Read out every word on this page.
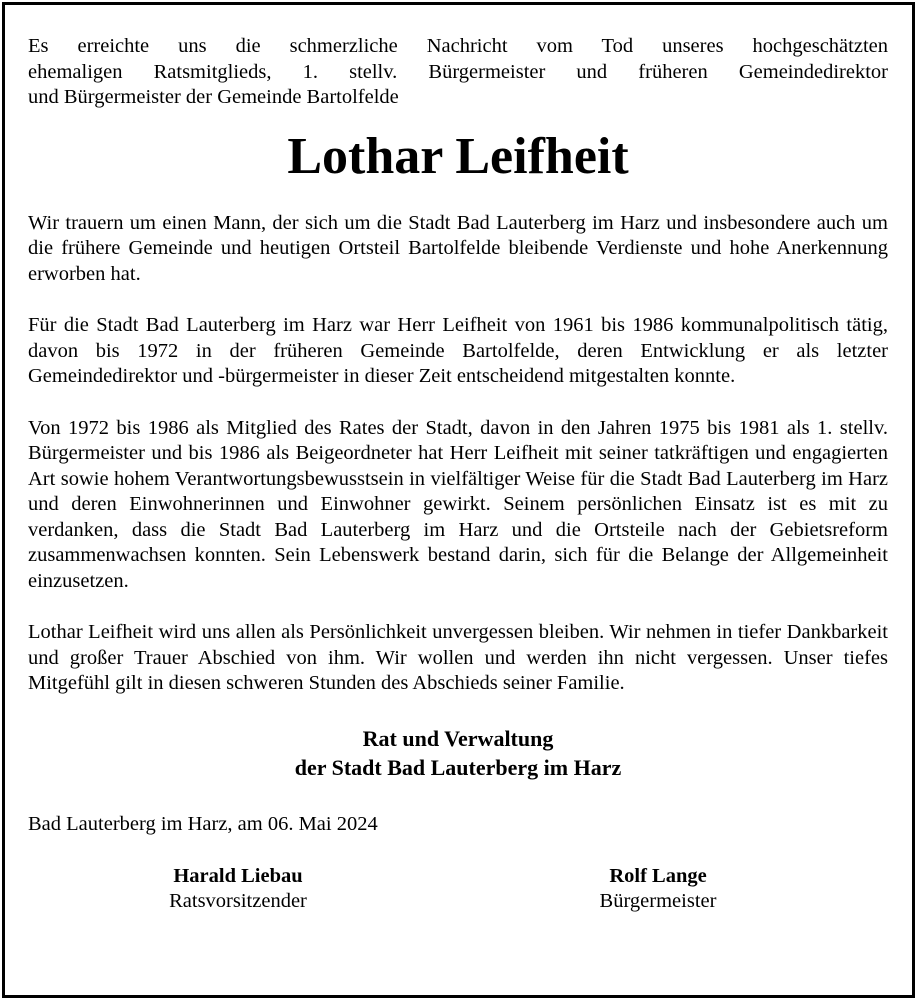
Es erreichte uns die schmerzliche Nachricht vom Tod unseres hochgeschätzten
ehemaligen Ratsmitglieds, 1. stellv. Bürgermeister und früheren Gemeindedirektor
und Bürgermeister der Gemeinde Bartolfelde

Lothar Leifheit

Wir trauern um einen Mann, der sich um die Stadt Bad Lauterberg im Harz und insbesondere auch um die frühere Gemeinde und heutigen Ortsteil Bartolfelde bleibende Verdienste und hohe Anerkennung erworben hat.

Für die Stadt Bad Lauterberg im Harz war Herr Leifheit von 1961 bis 1986 kommunalpolitisch tätig, davon bis 1972 in der früheren Gemeinde Bartolfelde, deren Entwicklung er als letzter Gemeindedirektor und -bürgermeister in dieser Zeit entscheidend mitgestalten konnte.

Von 1972 bis 1986 als Mitglied des Rates der Stadt, davon in den Jahren 1975 bis 1981 als 1. stellv. Bürgermeister und bis 1986 als Beigeordneter hat Herr Leifheit mit seiner tatkräftigen und engagierten Art sowie hohem Verantwortungsbewusstsein in vielfältiger Weise für die Stadt Bad Lauterberg im Harz und deren Einwohnerinnen und Einwohner gewirkt. Seinem persönlichen Einsatz ist es mit zu verdanken, dass die Stadt Bad Lauterberg im Harz und die Ortsteile nach der Gebietsreform zusammenwachsen konnten. Sein Lebenswerk bestand darin, sich für die Belange der Allgemeinheit einzusetzen.

Lothar Leifheit wird uns allen als Persönlichkeit unvergessen bleiben. Wir nehmen in tiefer Dankbarkeit und großer Trauer Abschied von ihm. Wir wollen und werden ihn nicht vergessen. Unser tiefes Mitgefühl gilt in diesen schweren Stunden des Abschieds seiner Familie.

Rat und Verwaltung
der Stadt Bad Lauterberg im Harz

Bad Lauterberg im Harz, am 06. Mai 2024

Harald Liebau
Ratsvorsitzender
Rolf Lange
Bürgermeister
